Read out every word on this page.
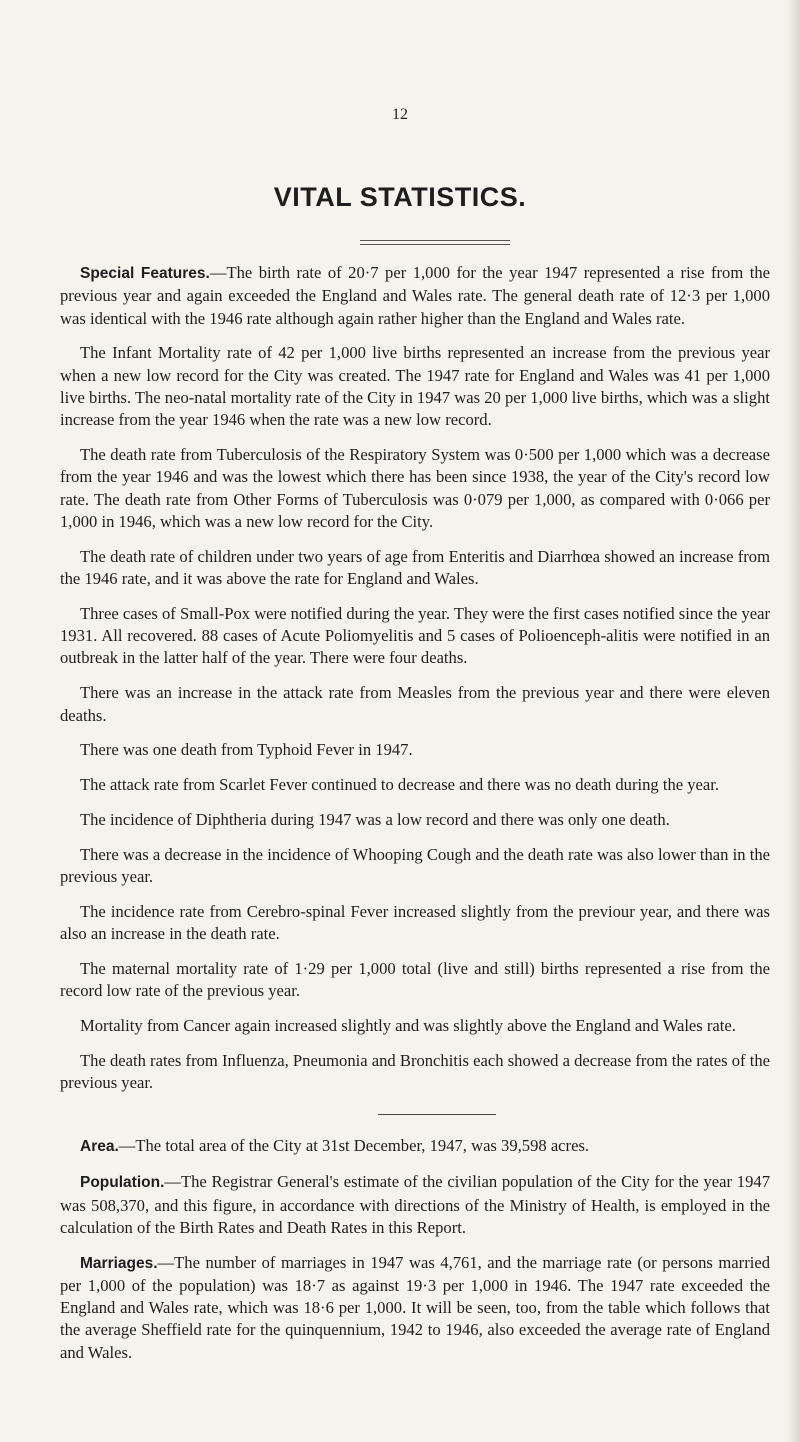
12
VITAL STATISTICS.

Special Features.—The birth rate of 20·7 per 1,000 for the year 1947 represented a rise from the previous year and again exceeded the England and Wales rate. The general death rate of 12·3 per 1,000 was identical with the 1946 rate although again rather higher than the England and Wales rate.

The Infant Mortality rate of 42 per 1,000 live births represented an increase from the previous year when a new low record for the City was created. The 1947 rate for England and Wales was 41 per 1,000 live births. The neo-natal mortality rate of the City in 1947 was 20 per 1,000 live births, which was a slight increase from the year 1946 when the rate was a new low record.

The death rate from Tuberculosis of the Respiratory System was 0·500 per 1,000 which was a decrease from the year 1946 and was the lowest which there has been since 1938, the year of the City's record low rate. The death rate from Other Forms of Tuberculosis was 0·079 per 1,000, as compared with 0·066 per 1,000 in 1946, which was a new low record for the City.

The death rate of children under two years of age from Enteritis and Diarrhœa showed an increase from the 1946 rate, and it was above the rate for England and Wales.

Three cases of Small-Pox were notified during the year. They were the first cases notified since the year 1931. All recovered. 88 cases of Acute Poliomyelitis and 5 cases of Polioenceph-alitis were notified in an outbreak in the latter half of the year. There were four deaths.

There was an increase in the attack rate from Measles from the previous year and there were eleven deaths.

There was one death from Typhoid Fever in 1947.

The attack rate from Scarlet Fever continued to decrease and there was no death during the year.

The incidence of Diphtheria during 1947 was a low record and there was only one death.

There was a decrease in the incidence of Whooping Cough and the death rate was also lower than in the previous year.

The incidence rate from Cerebro-spinal Fever increased slightly from the previour year, and there was also an increase in the death rate.

The maternal mortality rate of 1·29 per 1,000 total (live and still) births represented a rise from the record low rate of the previous year.

Mortality from Cancer again increased slightly and was slightly above the England and Wales rate.

The death rates from Influenza, Pneumonia and Bronchitis each showed a decrease from the rates of the previous year.

Area.—The total area of the City at 31st December, 1947, was 39,598 acres.

Population.—The Registrar General's estimate of the civilian population of the City for the year 1947 was 508,370, and this figure, in accordance with directions of the Ministry of Health, is employed in the calculation of the Birth Rates and Death Rates in this Report.

Marriages.—The number of marriages in 1947 was 4,761, and the marriage rate (or persons married per 1,000 of the population) was 18·7 as against 19·3 per 1,000 in 1946. The 1947 rate exceeded the England and Wales rate, which was 18·6 per 1,000. It will be seen, too, from the table which follows that the average Sheffield rate for the quinquennium, 1942 to 1946, also exceeded the average rate of England and Wales.
